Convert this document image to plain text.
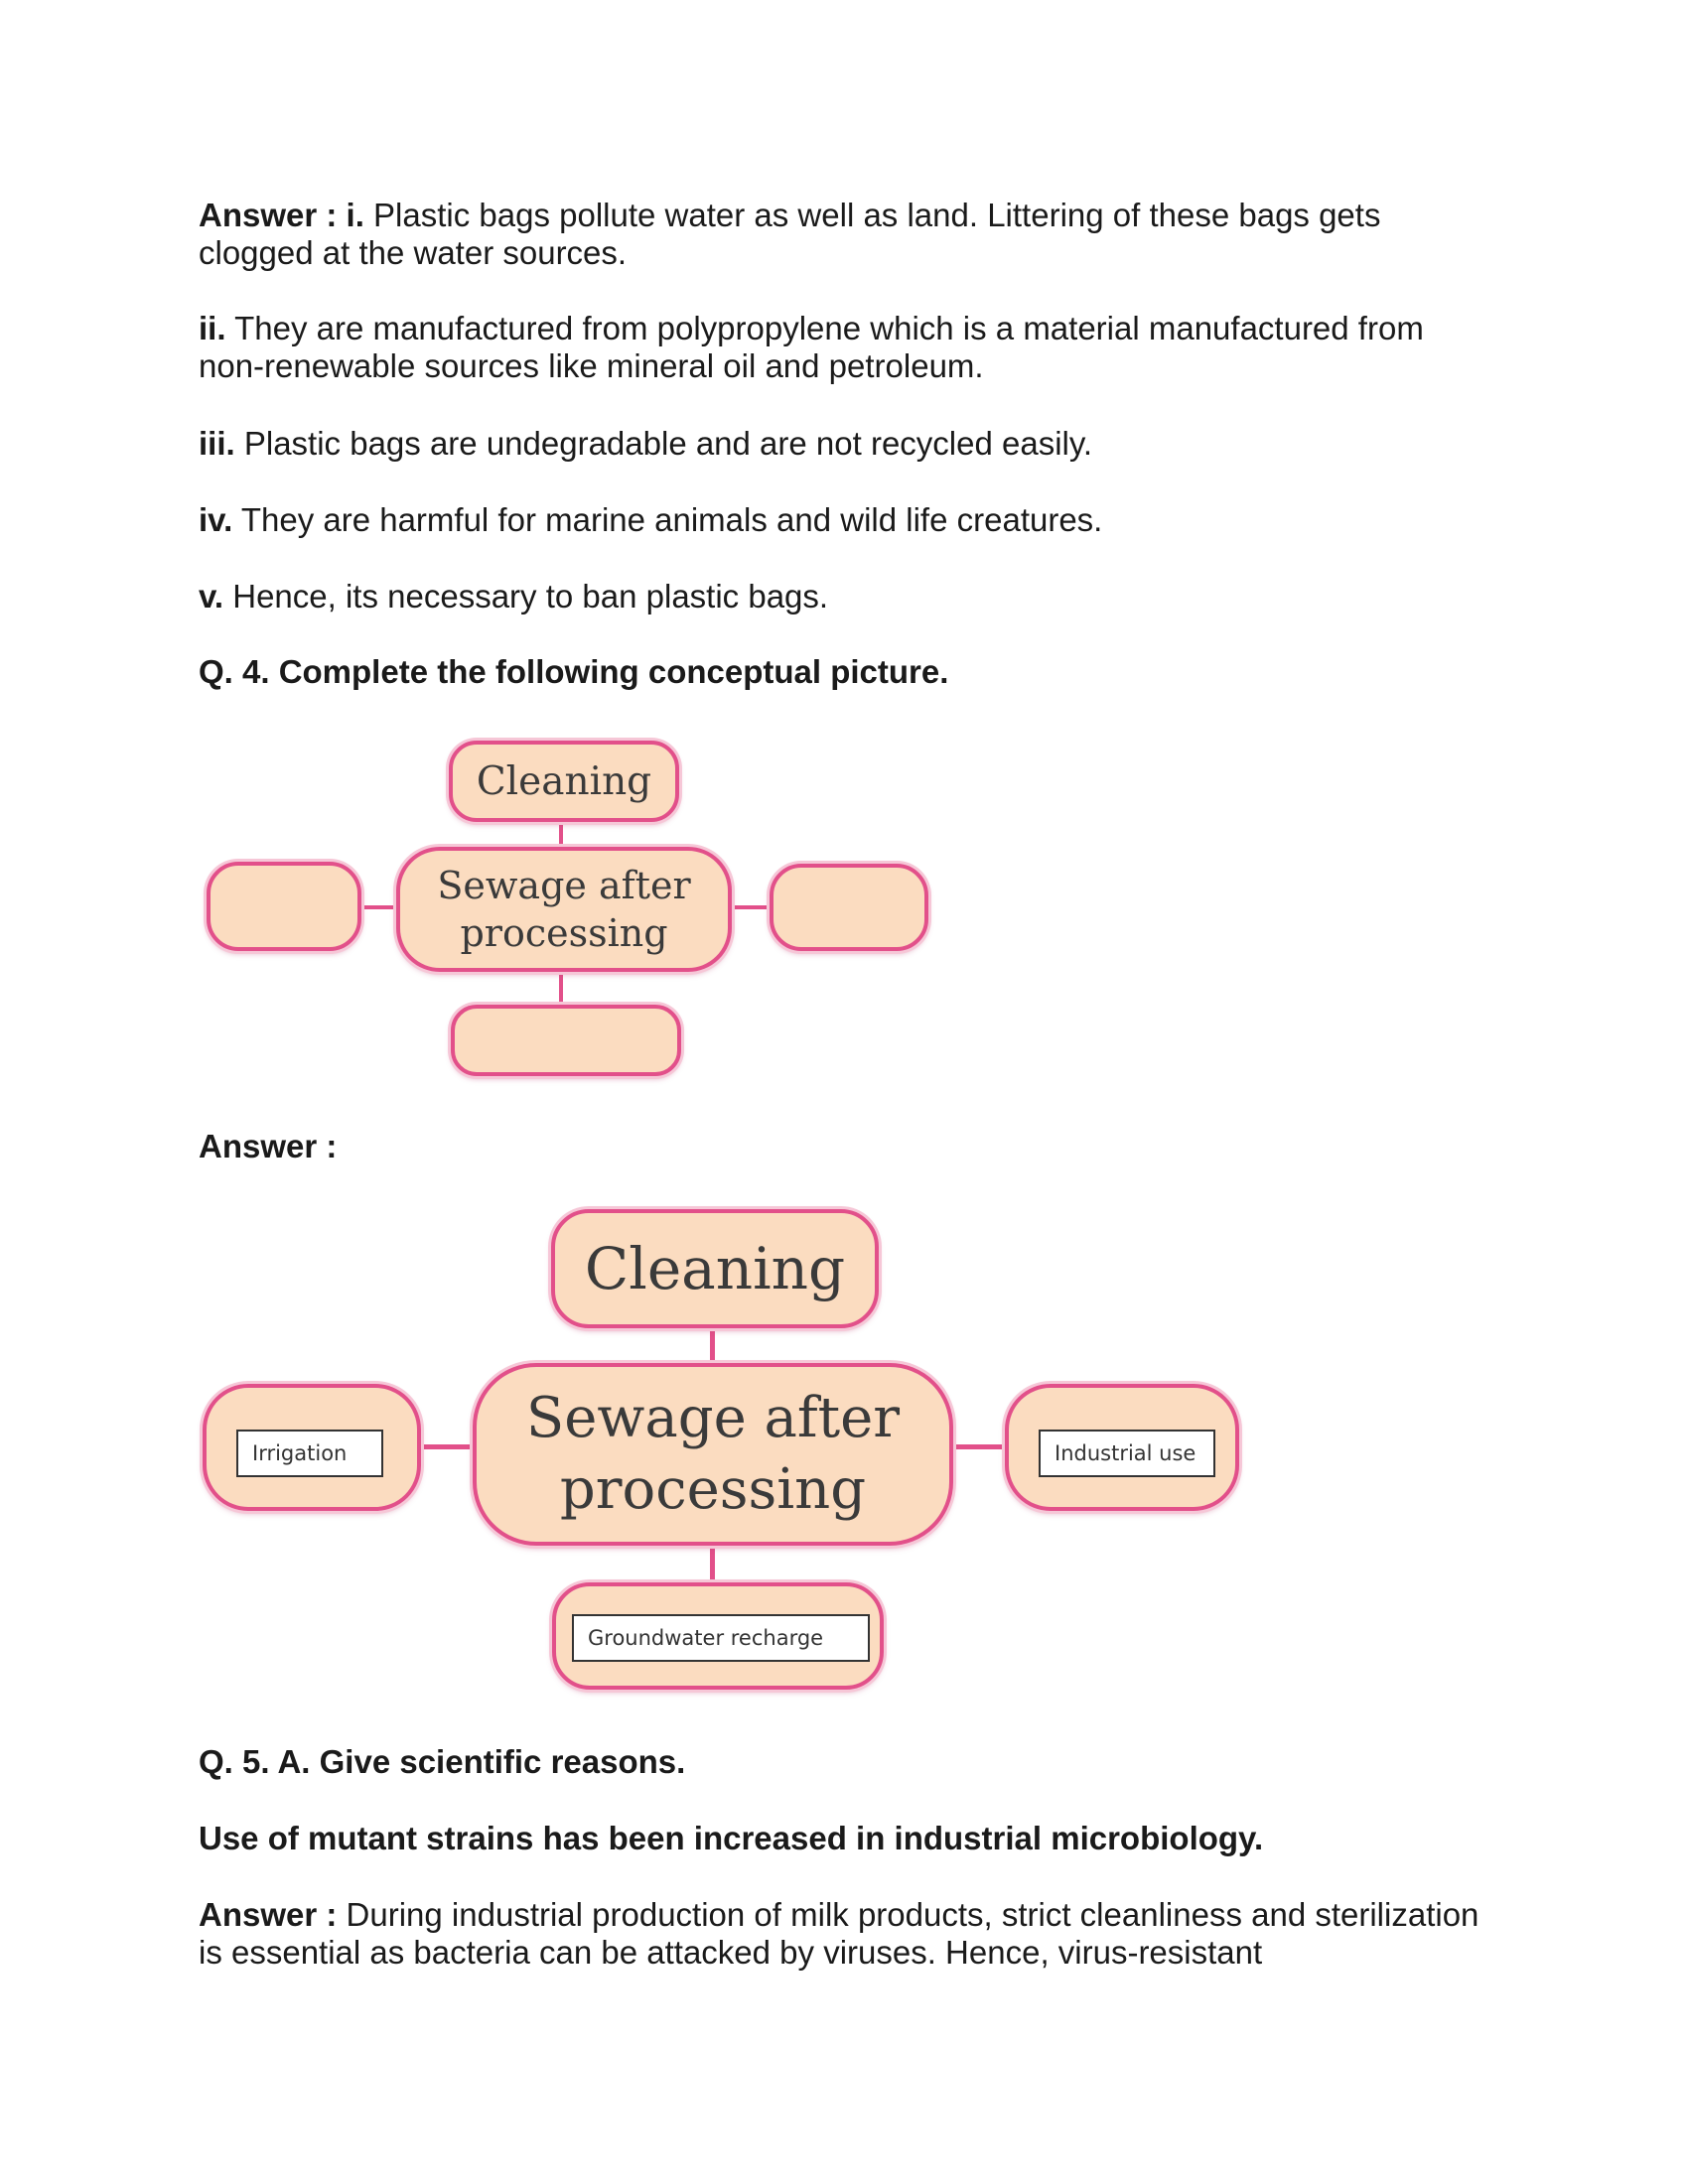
Answer : i. Plastic bags pollute water as well as land. Littering of these bags gets clogged at the water sources.

ii. They are manufactured from polypropylene which is a material manufactured from non-renewable sources like mineral oil and petroleum.

iii. Plastic bags are undegradable and are not recycled easily.

iv. They are harmful for marine animals and wild life creatures.

v. Hence, its necessary to ban plastic bags.

Q. 4. Complete the following conceptual picture.

Cleaning
Sewage after
processing

Answer :

Cleaning
Sewage after
processing
Irrigation	Industrial use
Groundwater recharge

Q. 5. A. Give scientific reasons.

Use of mutant strains has been increased in industrial microbiology.

Answer : During industrial production of milk products, strict cleanliness and sterilization is essential as bacteria can be attacked by viruses. Hence, virus-resistant
